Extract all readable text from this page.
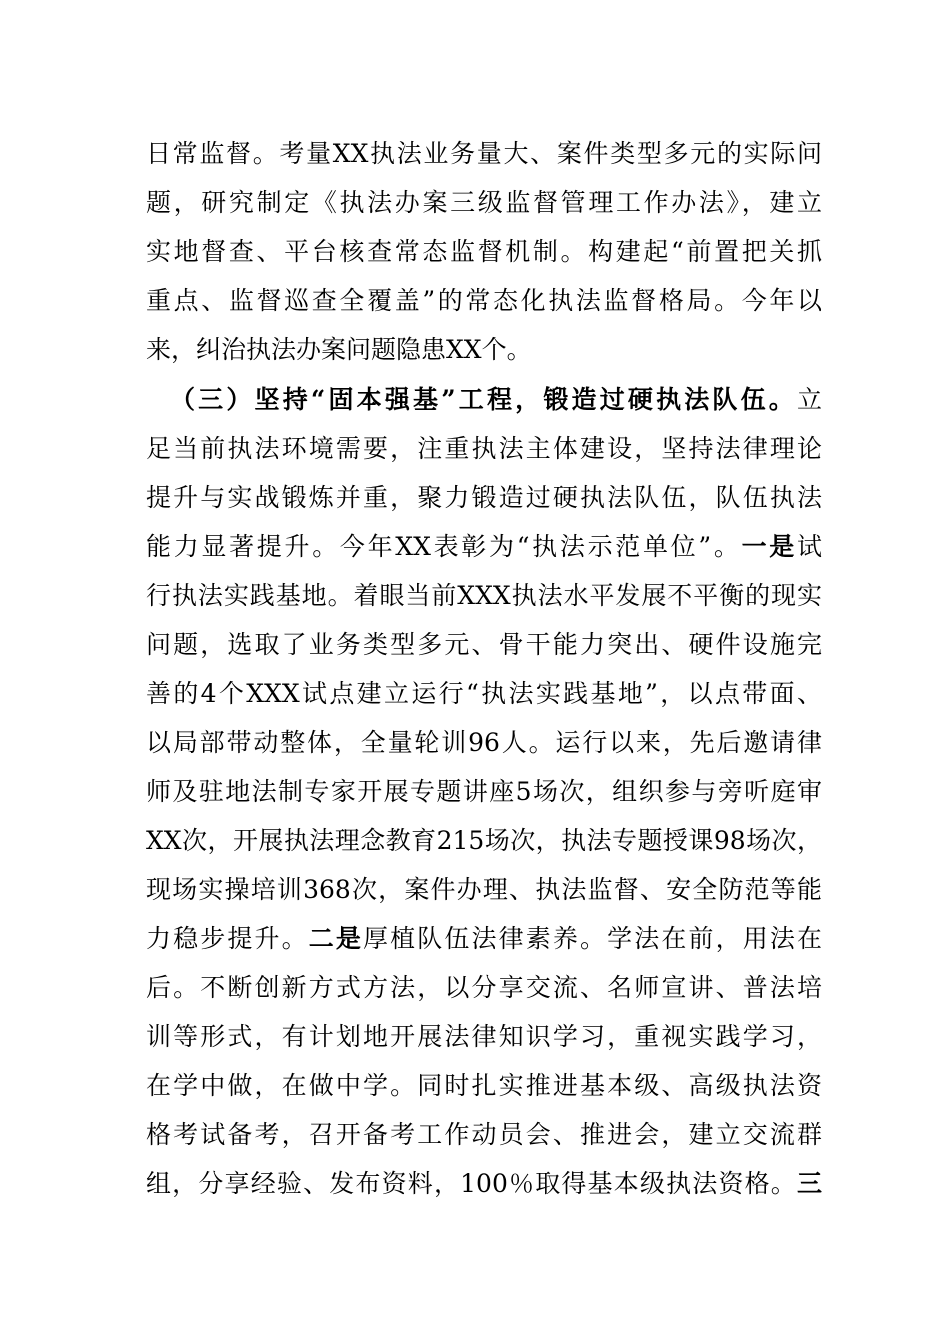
日常监督。考量XX执法业务量大、案件类型多元的实际问
题，研究制定《执法办案三级监督管理工作办法》，建立
实地督查、平台核查常态监督机制。构建起“前置把关抓
重点、监督巡查全覆盖”的常态化执法监督格局。今年以
来，纠治执法办案问题隐患XX个。
（三）坚持“固本强基”工程，锻造过硬执法队伍。立
足当前执法环境需要，注重执法主体建设，坚持法律理论
提升与实战锻炼并重，聚力锻造过硬执法队伍，队伍执法
能力显著提升。今年XX表彰为“执法示范单位”。一是试
行执法实践基地。着眼当前XXX执法水平发展不平衡的现实
问题，选取了业务类型多元、骨干能力突出、硬件设施完
善的4个XXX试点建立运行“执法实践基地”，以点带面、
以局部带动整体，全量轮训96人。运行以来，先后邀请律
师及驻地法制专家开展专题讲座5场次，组织参与旁听庭审
XX次，开展执法理念教育215场次，执法专题授课98场次，
现场实操培训368次，案件办理、执法监督、安全防范等能
力稳步提升。二是厚植队伍法律素养。学法在前，用法在
后。不断创新方式方法，以分享交流、名师宣讲、普法培
训等形式，有计划地开展法律知识学习，重视实践学习，
在学中做，在做中学。同时扎实推进基本级、高级执法资
格考试备考，召开备考工作动员会、推进会，建立交流群
组，分享经验、发布资料，100％取得基本级执法资格。三
